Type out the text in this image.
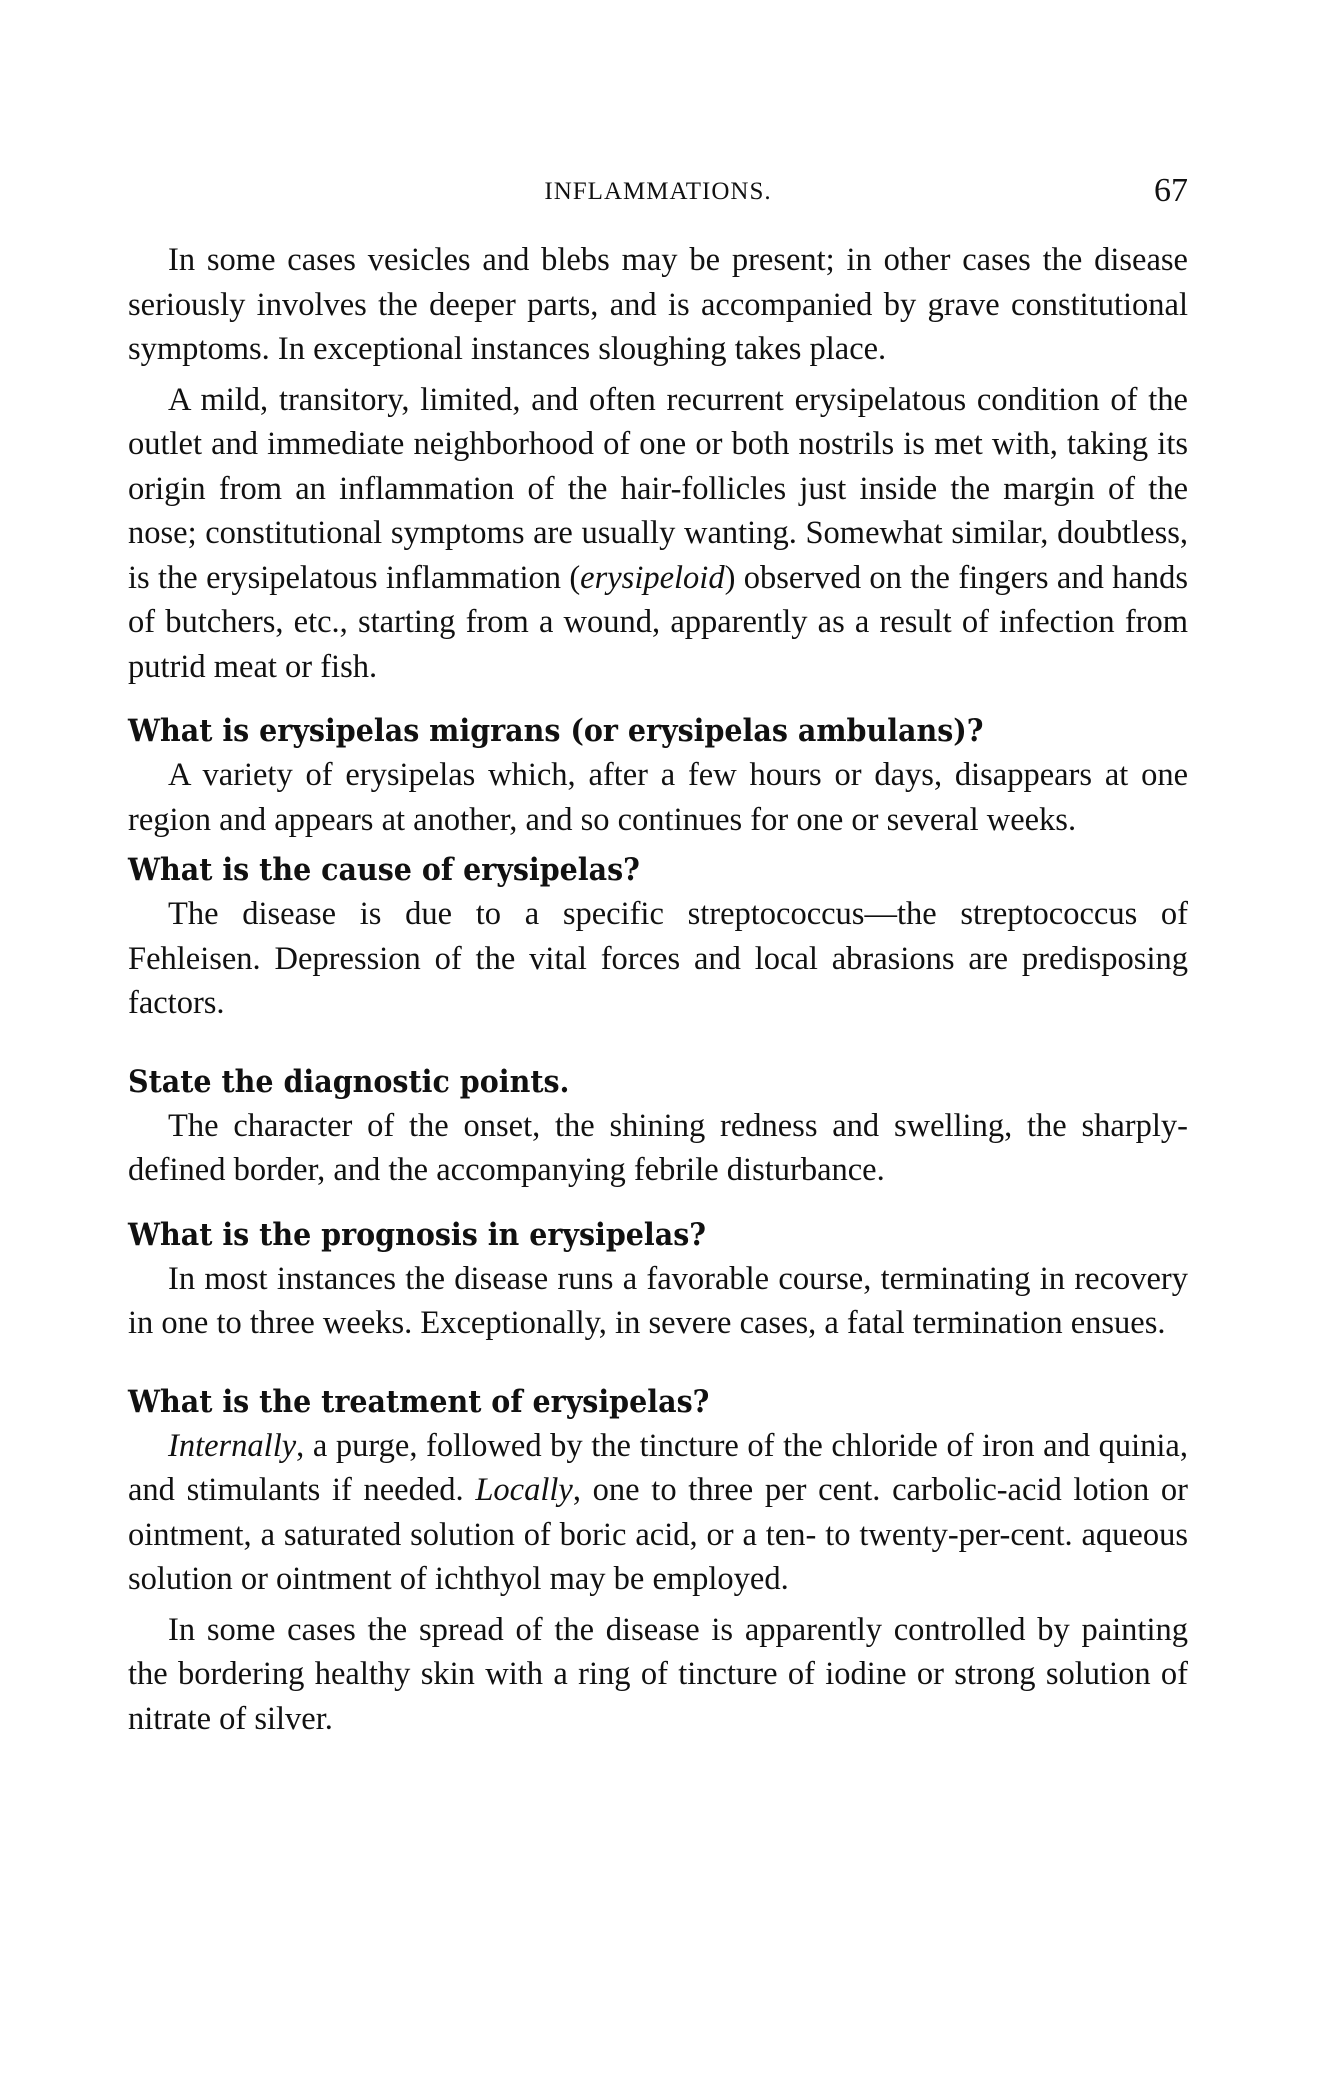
INFLAMMATIONS.	67

In some cases vesicles and blebs may be present; in other cases the disease seriously involves the deeper parts, and is accompanied by grave constitutional symptoms. In exceptional instances sloughing takes place.

A mild, transitory, limited, and often recurrent erysipelatous condition of the outlet and immediate neighborhood of one or both nostrils is met with, taking its origin from an inflammation of the hair-follicles just inside the margin of the nose; constitutional symptoms are usually wanting. Somewhat similar, doubtless, is the erysipelatous inflammation (erysipeloid) observed on the fingers and hands of butchers, etc., starting from a wound, apparently as a result of infection from putrid meat or fish.

What is erysipelas migrans (or erysipelas ambulans)?

A variety of erysipelas which, after a few hours or days, disappears at one region and appears at another, and so continues for one or several weeks.

What is the cause of erysipelas?

The disease is due to a specific streptococcus—the streptococcus of Fehleisen. Depression of the vital forces and local abrasions are predisposing factors.

State the diagnostic points.

The character of the onset, the shining redness and swelling, the sharply-defined border, and the accompanying febrile disturbance.

What is the prognosis in erysipelas?

In most instances the disease runs a favorable course, terminating in recovery in one to three weeks. Exceptionally, in severe cases, a fatal termination ensues.

What is the treatment of erysipelas?

Internally, a purge, followed by the tincture of the chloride of iron and quinia, and stimulants if needed. Locally, one to three per cent. carbolic-acid lotion or ointment, a saturated solution of boric acid, or a ten- to twenty-per-cent. aqueous solution or ointment of ichthyol may be employed.

In some cases the spread of the disease is apparently controlled by painting the bordering healthy skin with a ring of tincture of iodine or strong solution of nitrate of silver.
